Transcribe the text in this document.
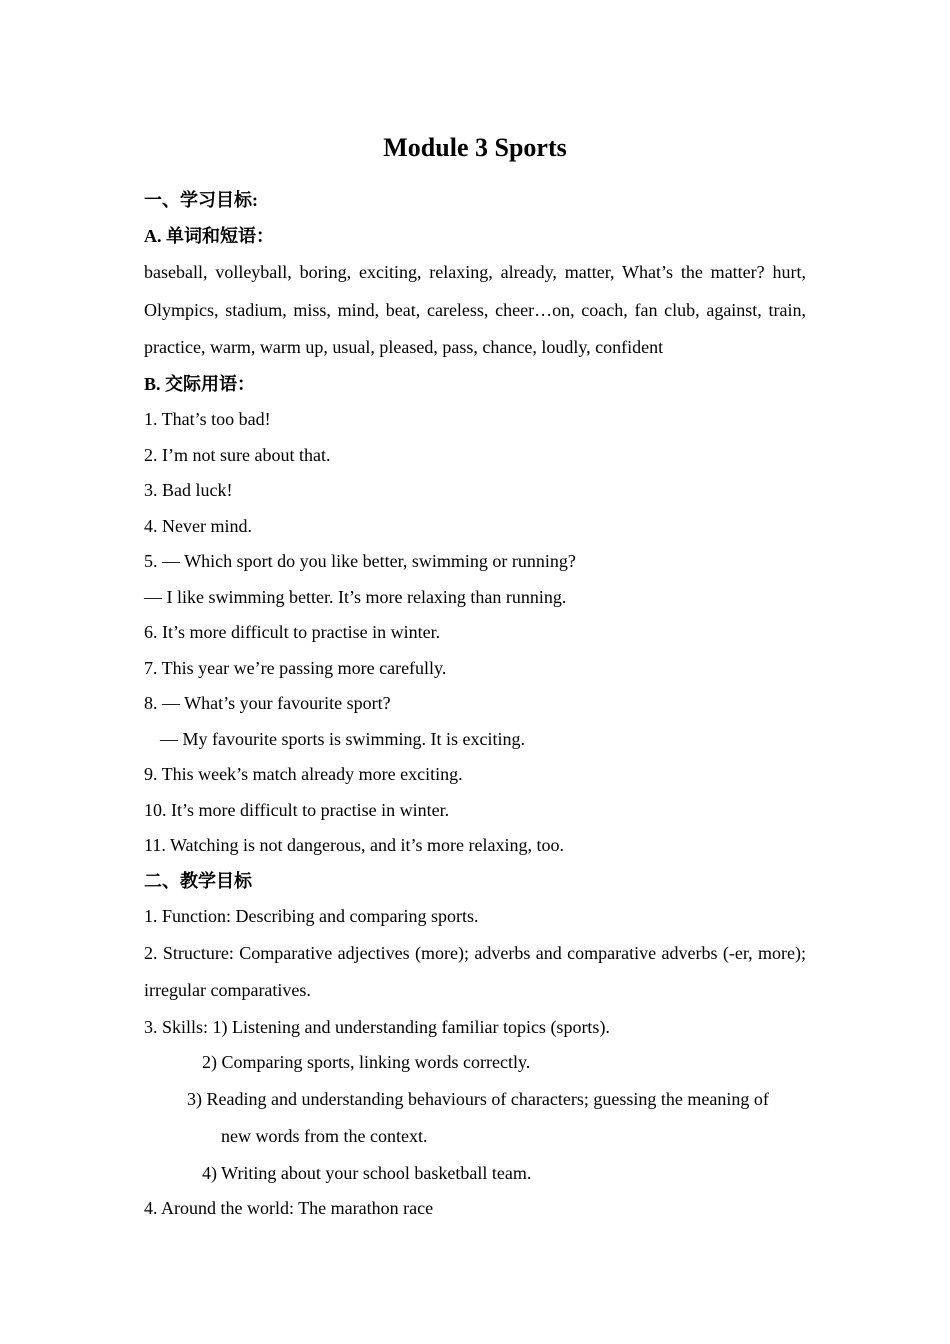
Module 3 Sports
一、学习目标:
A. 单词和短语：
baseball, volleyball, boring, exciting, relaxing, already, matter, What’s the matter? hurt, Olympics, stadium, miss, mind, beat, careless, cheer…on, coach, fan club, against, train, practice, warm, warm up, usual, pleased, pass, chance, loudly, confident
B. 交际用语：
1. That’s too bad!
2. I’m not sure about that.
3. Bad luck!
4. Never mind.
5. — Which sport do you like better, swimming or running?
— I like swimming better. It’s more relaxing than running.
6. It’s more difficult to practise in winter.
7. This year we’re passing more carefully.
8. — What’s your favourite sport?
— My favourite sports is swimming. It is exciting.
9. This week’s match already more exciting.
10. It’s more difficult to practise in winter.
11. Watching is not dangerous, and it’s more relaxing, too.
二、教学目标
1. Function: Describing and comparing sports.
2. Structure: Comparative adjectives (more); adverbs and comparative adverbs (-er, more); irregular comparatives.
3. Skills: 1) Listening and understanding familiar topics (sports).
2) Comparing sports, linking words correctly.
3) Reading and understanding behaviours of characters; guessing the meaning of
new words from the context.
4) Writing about your school basketball team.
4. Around the world: The marathon race
